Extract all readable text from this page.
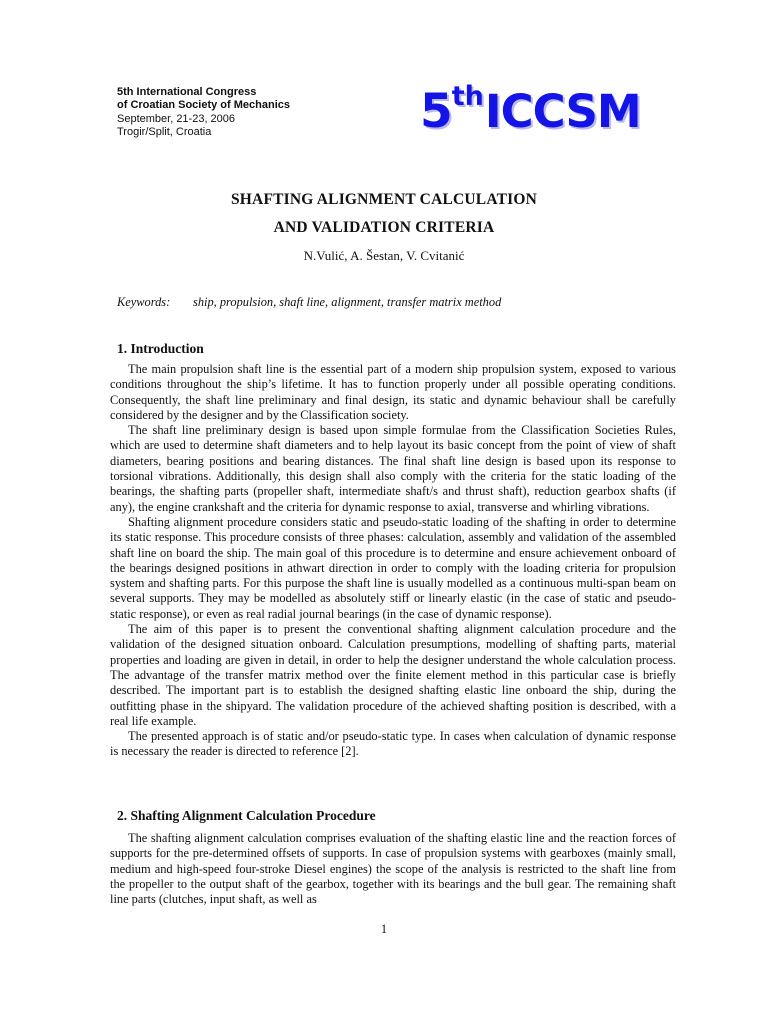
5th International Congress
of Croatian Society of Mechanics
September, 21-23, 2006
Trogir/Split, Croatia	5thICCSM
SHAFTING ALIGNMENT CALCULATION
AND VALIDATION CRITERIA
N.Vulić, A. Šestan, V. Cvitanić
Keywords: ship, propulsion, shaft line, alignment, transfer matrix method
1. Introduction

The main propulsion shaft line is the essential part of a modern ship propulsion system, exposed to various conditions throughout the ship’s lifetime. It has to function properly under all possible operating conditions. Consequently, the shaft line preliminary and final design, its static and dynamic behaviour shall be carefully considered by the designer and by the Classification society.

The shaft line preliminary design is based upon simple formulae from the Classification Societies Rules, which are used to determine shaft diameters and to help layout its basic concept from the point of view of shaft diameters, bearing positions and bearing distances. The final shaft line design is based upon its response to torsional vibrations. Additionally, this design shall also comply with the criteria for the static loading of the bearings, the shafting parts (propeller shaft, intermediate shaft/s and thrust shaft), reduction gearbox shafts (if any), the engine crankshaft and the criteria for dynamic response to axial, transverse and whirling vibrations.

Shafting alignment procedure considers static and pseudo-static loading of the shafting in order to determine its static response. This procedure consists of three phases: calculation, assembly and validation of the assembled shaft line on board the ship. The main goal of this procedure is to determine and ensure achievement onboard of the bearings designed positions in athwart direction in order to comply with the loading criteria for propulsion system and shafting parts. For this purpose the shaft line is usually modelled as a continuous multi-span beam on several supports. They may be modelled as absolutely stiff or linearly elastic (in the case of static and pseudo-static response), or even as real radial journal bearings (in the case of dynamic response).

The aim of this paper is to present the conventional shafting alignment calculation procedure and the validation of the designed situation onboard. Calculation presumptions, modelling of shafting parts, material properties and loading are given in detail, in order to help the designer understand the whole calculation process. The advantage of the transfer matrix method over the finite element method in this particular case is briefly described. The important part is to establish the designed shafting elastic line onboard the ship, during the outfitting phase in the shipyard. The validation procedure of the achieved shafting position is described, with a real life example.

The presented approach is of static and/or pseudo-static type. In cases when calculation of dynamic response is necessary the reader is directed to reference [2].

2. Shafting Alignment Calculation Procedure

The shafting alignment calculation comprises evaluation of the shafting elastic line and the reaction forces of supports for the pre-determined offsets of supports. In case of propulsion systems with gearboxes (mainly small, medium and high-speed four-stroke Diesel engines) the scope of the analysis is restricted to the shaft line from the propeller to the output shaft of the gearbox, together with its bearings and the bull gear. The remaining shaft line parts (clutches, input shaft, as well as

1
